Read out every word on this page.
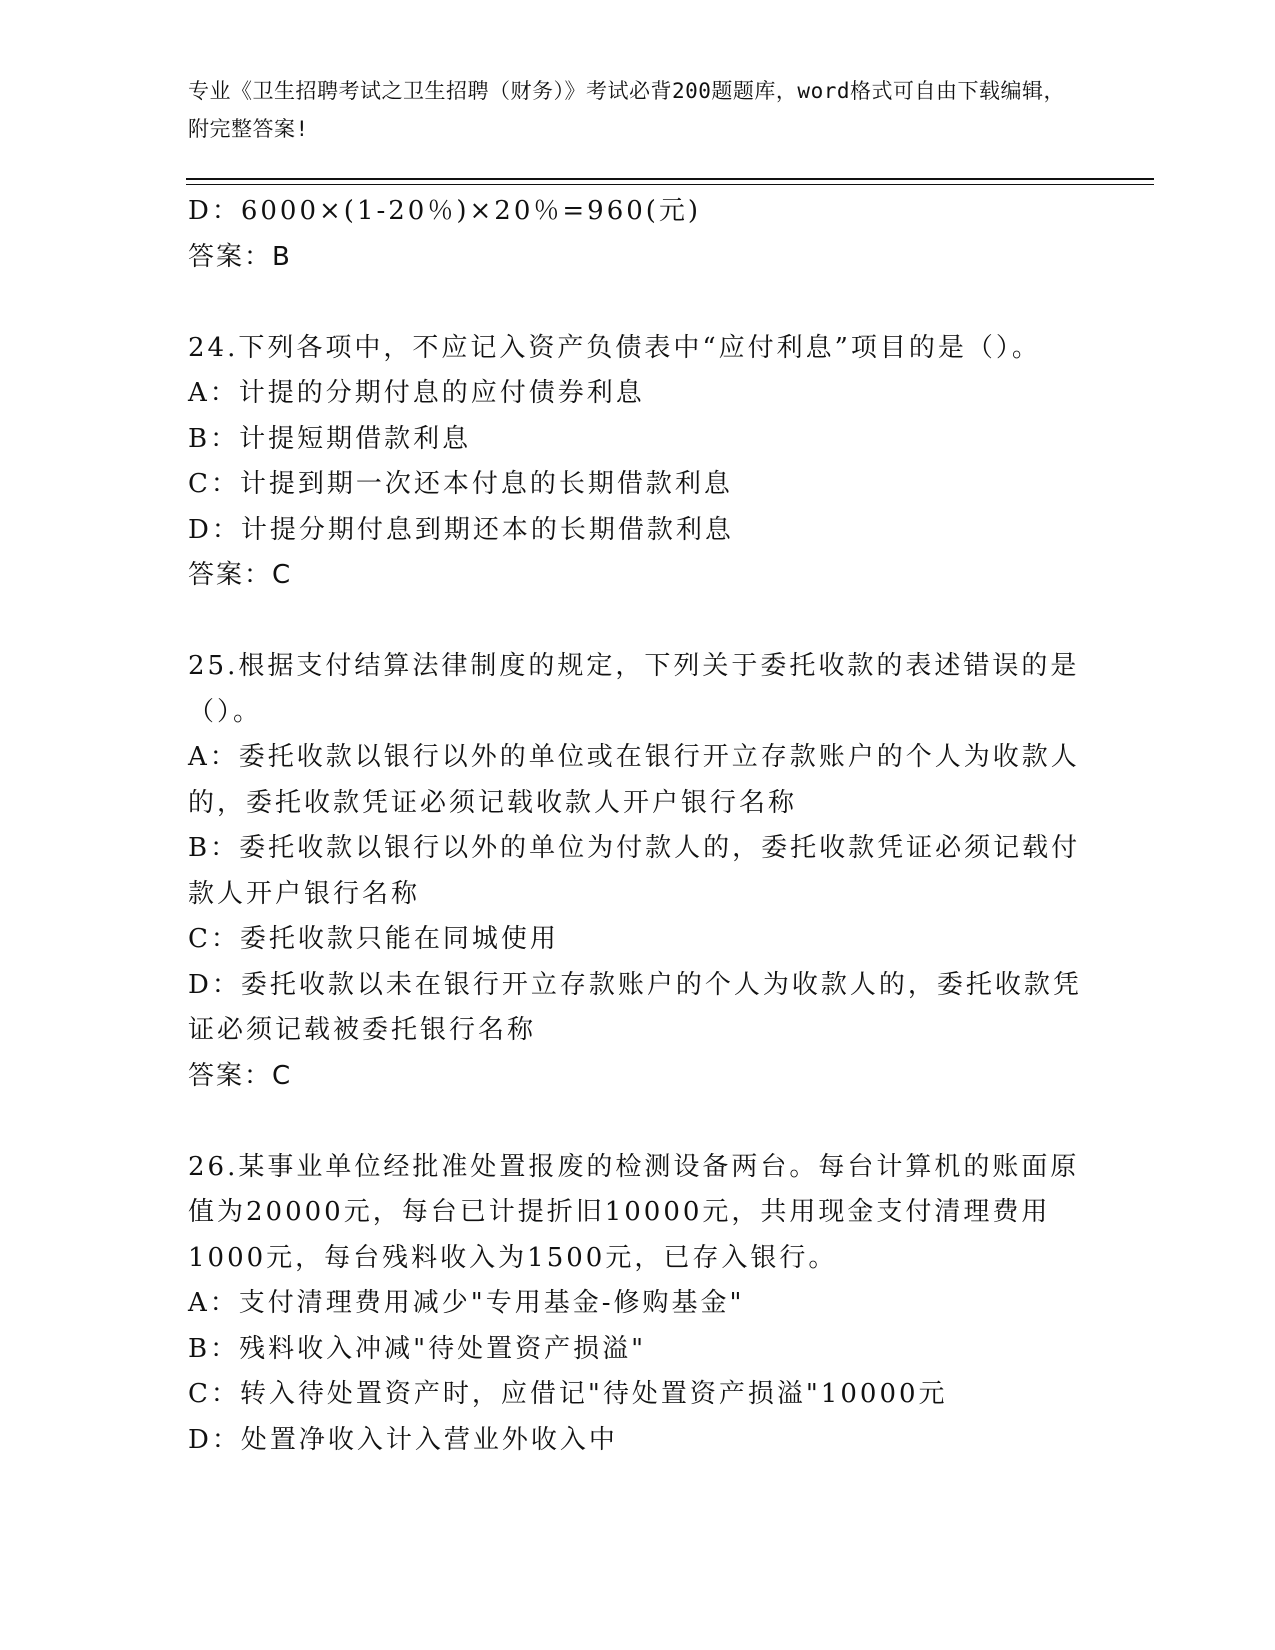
专业《卫生招聘考试之卫生招聘（财务）》考试必背200题题库，word格式可自由下载编辑，附完整答案!
D：6000×(1-20％)×20％=960(元)
答案：B
24.下列各项中，不应记入资产负债表中“应付利息”项目的是（）。
A：计提的分期付息的应付债券利息
B：计提短期借款利息
C：计提到期一次还本付息的长期借款利息
D：计提分期付息到期还本的长期借款利息
答案：C
25.根据支付结算法律制度的规定，下列关于委托收款的表述错误的是
（）。
A：委托收款以银行以外的单位或在银行开立存款账户的个人为收款人
的，委托收款凭证必须记载收款人开户银行名称
B：委托收款以银行以外的单位为付款人的，委托收款凭证必须记载付
款人开户银行名称
C：委托收款只能在同城使用
D：委托收款以未在银行开立存款账户的个人为收款人的，委托收款凭
证必须记载被委托银行名称
答案：C
26.某事业单位经批准处置报废的检测设备两台。每台计算机的账面原
值为20000元，每台已计提折旧10000元，共用现金支付清理费用
1000元，每台残料收入为1500元，已存入银行。
A：支付清理费用减少"专用基金-修购基金"
B：残料收入冲减"待处置资产损溢"
C：转入待处置资产时，应借记"待处置资产损溢"10000元
D：处置净收入计入营业外收入中
